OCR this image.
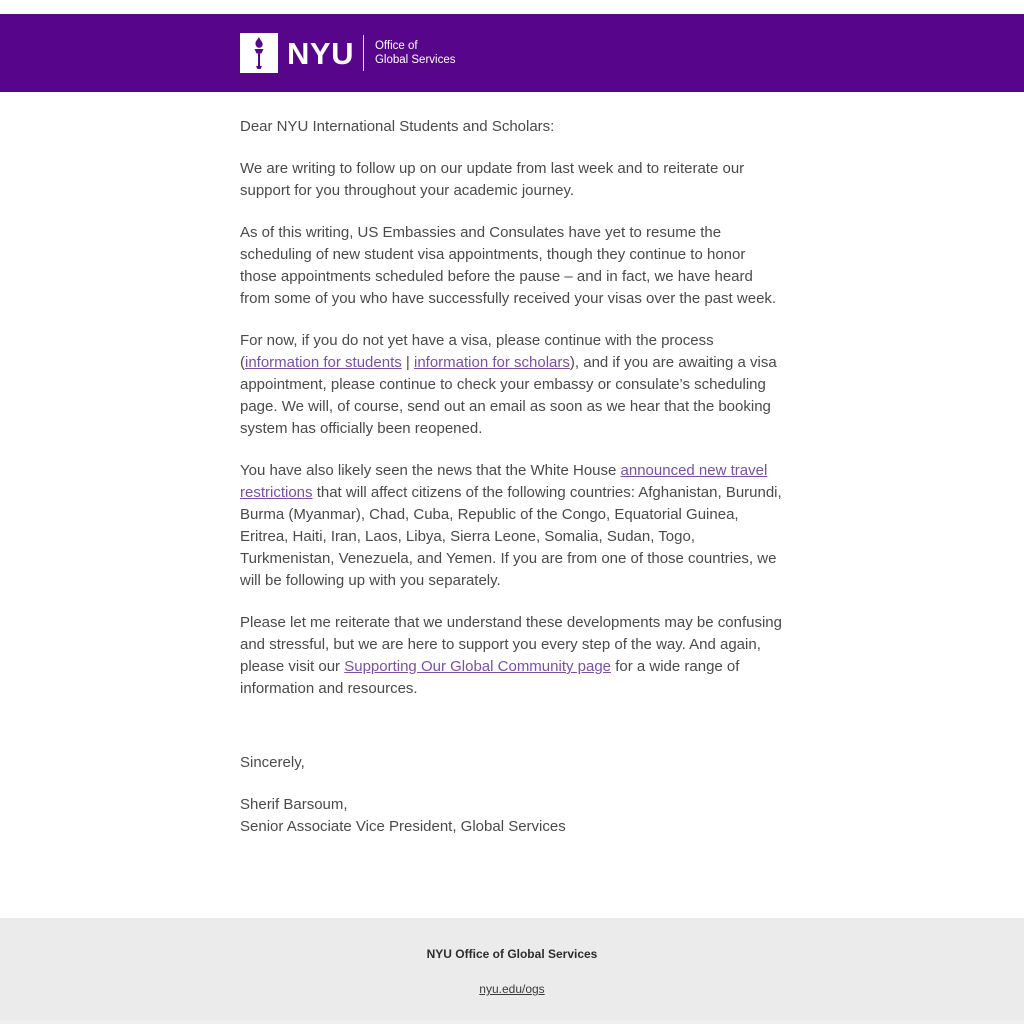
NYU Office of
Global Services

Dear NYU International Students and Scholars:

We are writing to follow up on our update from last week and to reiterate our support for you throughout your academic journey.

As of this writing, US Embassies and Consulates have yet to resume the scheduling of new student visa appointments, though they continue to honor those appointments scheduled before the pause – and in fact, we have heard from some of you who have successfully received your visas over the past week.

For now, if you do not yet have a visa, please continue with the process (information for students | information for scholars), and if you are awaiting a visa appointment, please continue to check your embassy or consulate’s scheduling page. We will, of course, send out an email as soon as we hear that the booking system has officially been reopened.

You have also likely seen the news that the White House announced new travel restrictions that will affect citizens of the following countries: Afghanistan, Burundi, Burma (Myanmar), Chad, Cuba, Republic of the Congo, Equatorial Guinea, Eritrea, Haiti, Iran, Laos, Libya, Sierra Leone, Somalia, Sudan, Togo, Turkmenistan, Venezuela, and Yemen. If you are from one of those countries, we will be following up with you separately.

Please let me reiterate that we understand these developments may be confusing and stressful, but we are here to support you every step of the way. And again, please visit our Supporting Our Global Community page for a wide range of information and resources.

Sincerely,

Sherif Barsoum,
Senior Associate Vice President, Global Services

NYU Office of Global Services
nyu.edu/ogs
